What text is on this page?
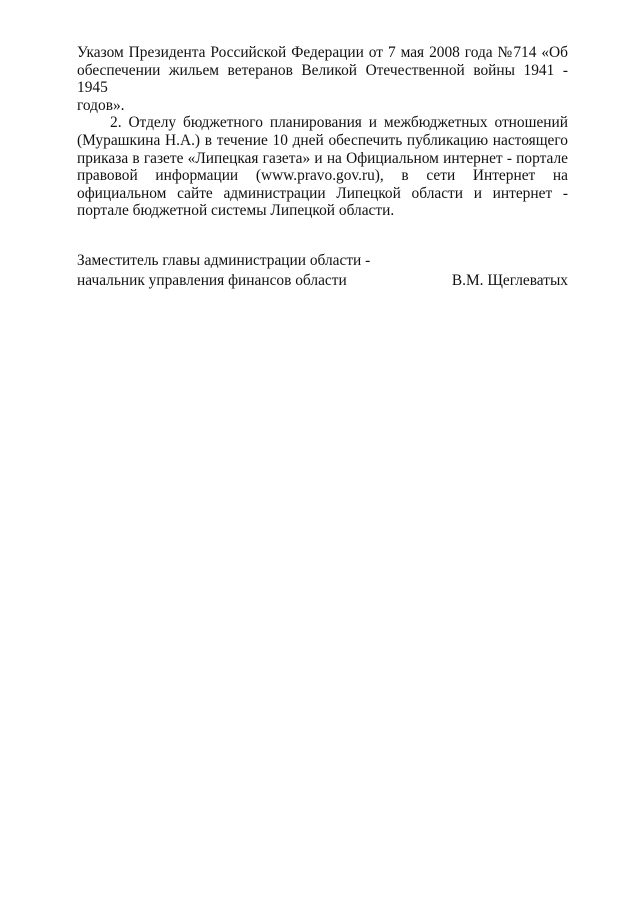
Указом Президента Российской Федерации от 7 мая 2008 года №714 «Об
обеспечении жильем ветеранов Великой Отечественной войны 1941 - 1945
годов».
2. Отделу бюджетного планирования и межбюджетных отношений
(Мурашкина Н.А.) в течение 10 дней обеспечить публикацию настоящего
приказа в газете «Липецкая газета» и на Официальном интернет - портале
правовой информации (www.pravo.gov.ru), в сети Интернет на
официальном сайте администрации Липецкой области и интернет -
портале бюджетной системы Липецкой области.
Заместитель главы администрации области -
начальник управления финансов области	В.М. Щеглеватых
